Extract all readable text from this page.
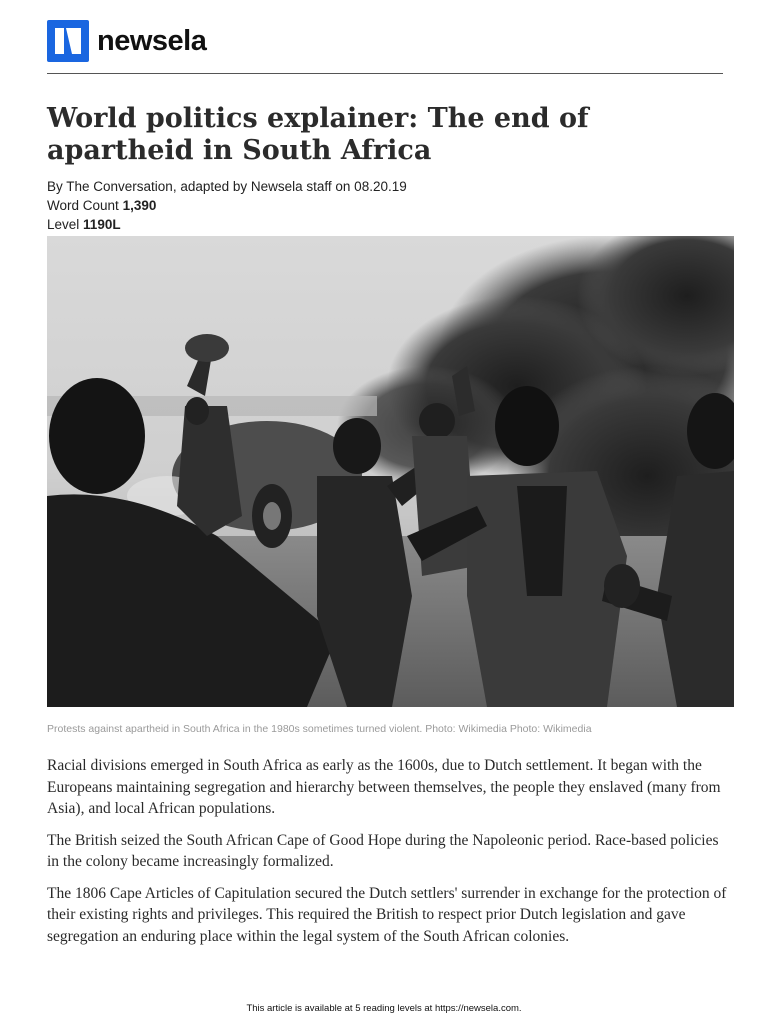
newsela
World politics explainer: The end of apartheid in South Africa
By The Conversation, adapted by Newsela staff on 08.20.19
Word Count 1,390
Level 1190L
Protests against apartheid in South Africa in the 1980s sometimes turned violent. Photo: Wikimedia Photo: Wikimedia

Racial divisions emerged in South Africa as early as the 1600s, due to Dutch settlement. It began with the Europeans maintaining segregation and hierarchy between themselves, the people they enslaved (many from Asia), and local African populations.

The British seized the South African Cape of Good Hope during the Napoleonic period. Race-based policies in the colony became increasingly formalized.

The 1806 Cape Articles of Capitulation secured the Dutch settlers' surrender in exchange for the protection of their existing rights and privileges. This required the British to respect prior Dutch legislation and gave segregation an enduring place within the legal system of the South African colonies.

This article is available at 5 reading levels at https://newsela.com.
